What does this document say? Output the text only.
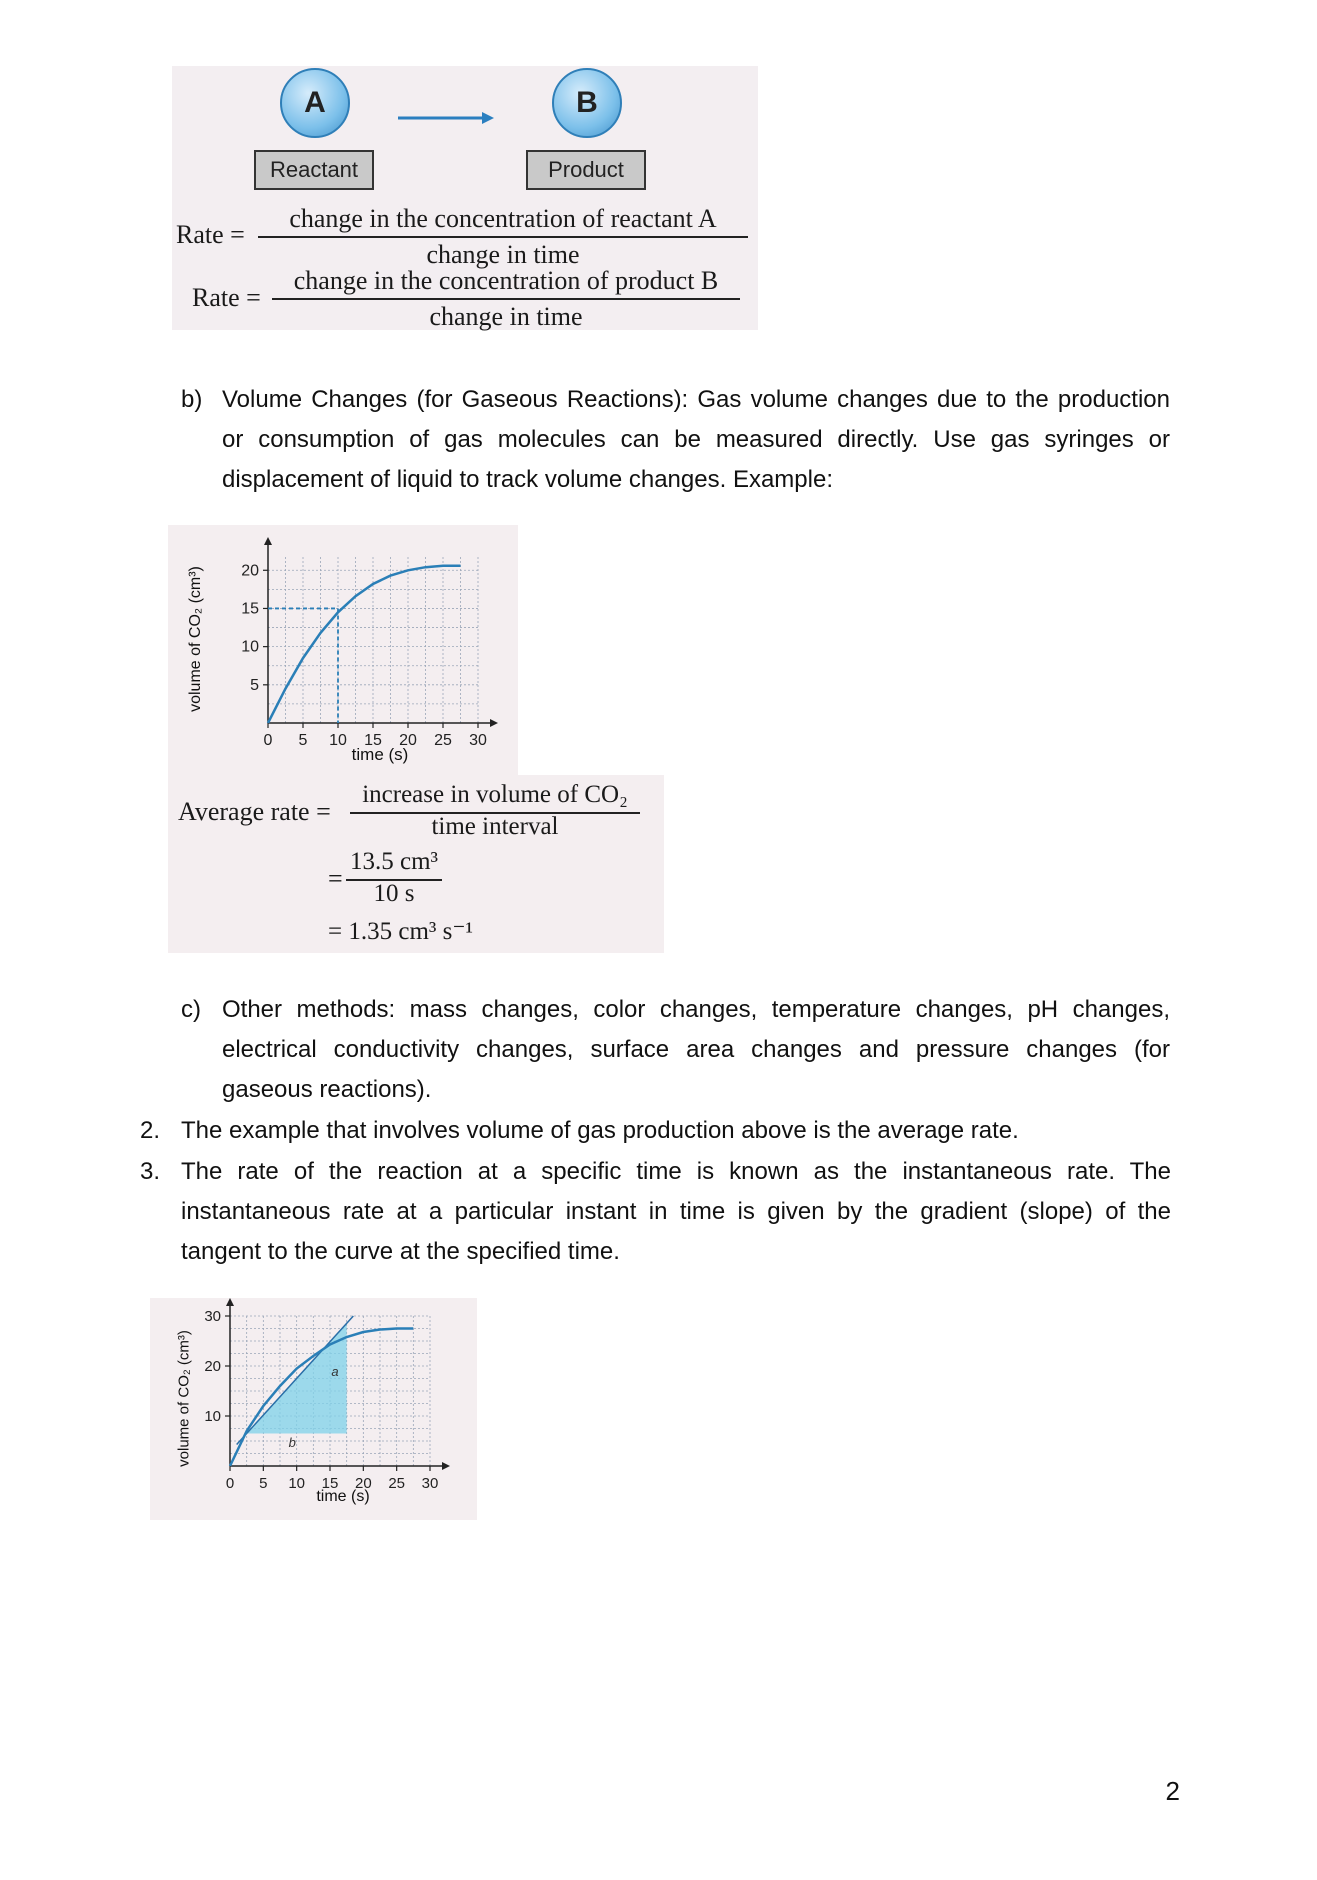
A	B
Reactant	Product
Rate =
change in the concentration of reactant A
change in time
Rate =
change in the concentration of product B
change in time
b) Volume Changes (for Gaseous Reactions): Gas volume changes due to the production or consumption of gas molecules can be measured directly. Use gas syringes or displacement of liquid to track volume changes. Example:
0 5 10 15 20 25 30
5
10
15
20
volume of CO₂ (cm³)
time (s)
Average rate =
increase in volume of CO₂
time interval
=
13.5 cm³
10 s
= 1.35 cm³ s⁻¹
c) Other methods: mass changes, color changes, temperature changes, pH changes, electrical conductivity changes, surface area changes and pressure changes (for gaseous reactions).
2. The example that involves volume of gas production above is the average rate.
3. The rate of the reaction at a specific time is known as the instantaneous rate. The instantaneous rate at a particular instant in time is given by the gradient (slope) of the tangent to the curve at the specified time.
0 5 10 15 20 25 30
10
20
30
a
b
volume of CO₂ (cm³)
time (s)
2
